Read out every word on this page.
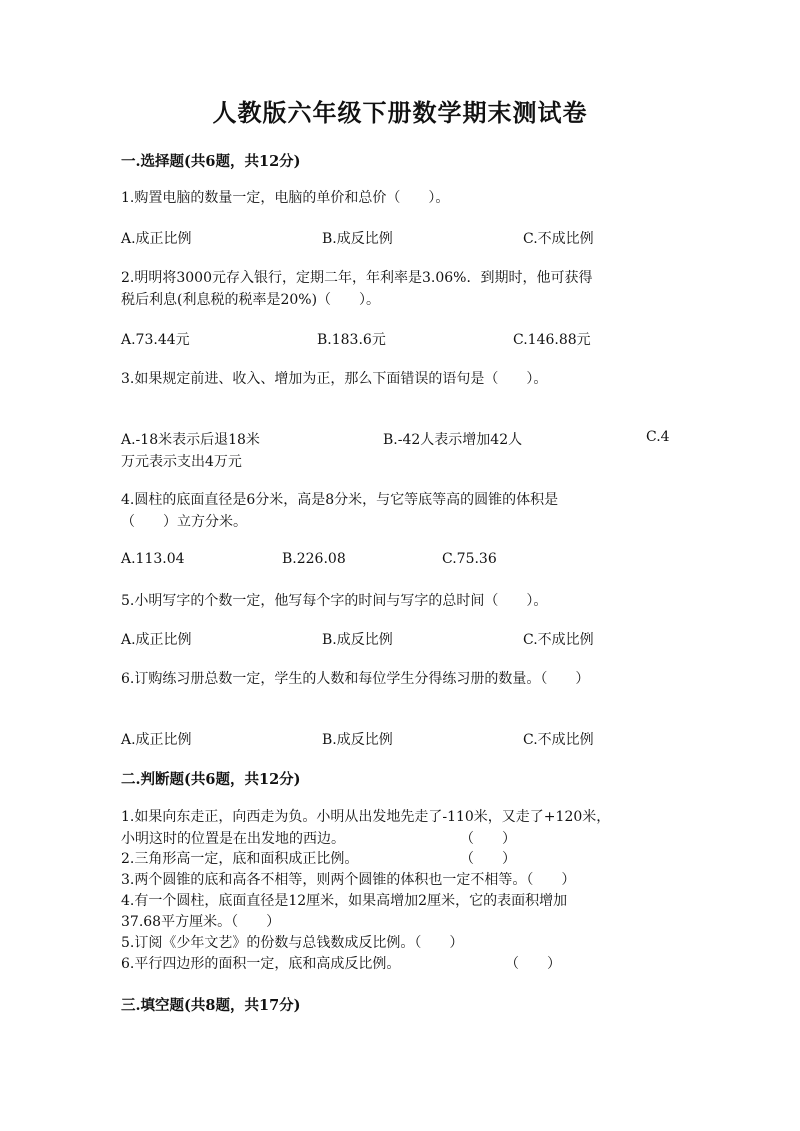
人教版六年级下册数学期末测试卷
一.选择题(共6题，共12分)
1.购置电脑的数量一定，电脑的单价和总价（　　）。
A.成正比例	B.成反比例	C.不成比例
2.明明将3000元存入银行，定期二年，年利率是3.06%．到期时，他可获得
税后利息(利息税的税率是20%)（　　）。
A.73.44元	B.183.6元	C.146.88元
3.如果规定前进、收入、增加为正，那么下面错误的语句是（　　）。
A.-18米表示后退18米	B.-42人表示增加42人	C.4
万元表示支出4万元
4.圆柱的底面直径是6分米，高是8分米，与它等底等高的圆锥的体积是
（　　）立方分米。
A.113.04	B.226.08	C.75.36
5.小明写字的个数一定，他写每个字的时间与写字的总时间（　　）。
A.成正比例	B.成反比例	C.不成比例
6.订购练习册总数一定，学生的人数和每位学生分得练习册的数量。（　　）
A.成正比例	B.成反比例	C.不成比例
二.判断题(共6题，共12分)
1.如果向东走正，向西走为负。小明从出发地先走了-110米，又走了+120米，
小明这时的位置是在出发地的西边。	（　　）
2.三角形高一定，底和面积成正比例。	（　　）
3.两个圆锥的底和高各不相等，则两个圆锥的体积也一定不相等。（　　）
4.有一个圆柱，底面直径是12厘米，如果高增加2厘米，它的表面积增加
37.68平方厘米。（　　）
5.订阅《少年文艺》的份数与总钱数成反比例。（　　）
6.平行四边形的面积一定，底和高成反比例。	（　　）
三.填空题(共8题，共17分)
